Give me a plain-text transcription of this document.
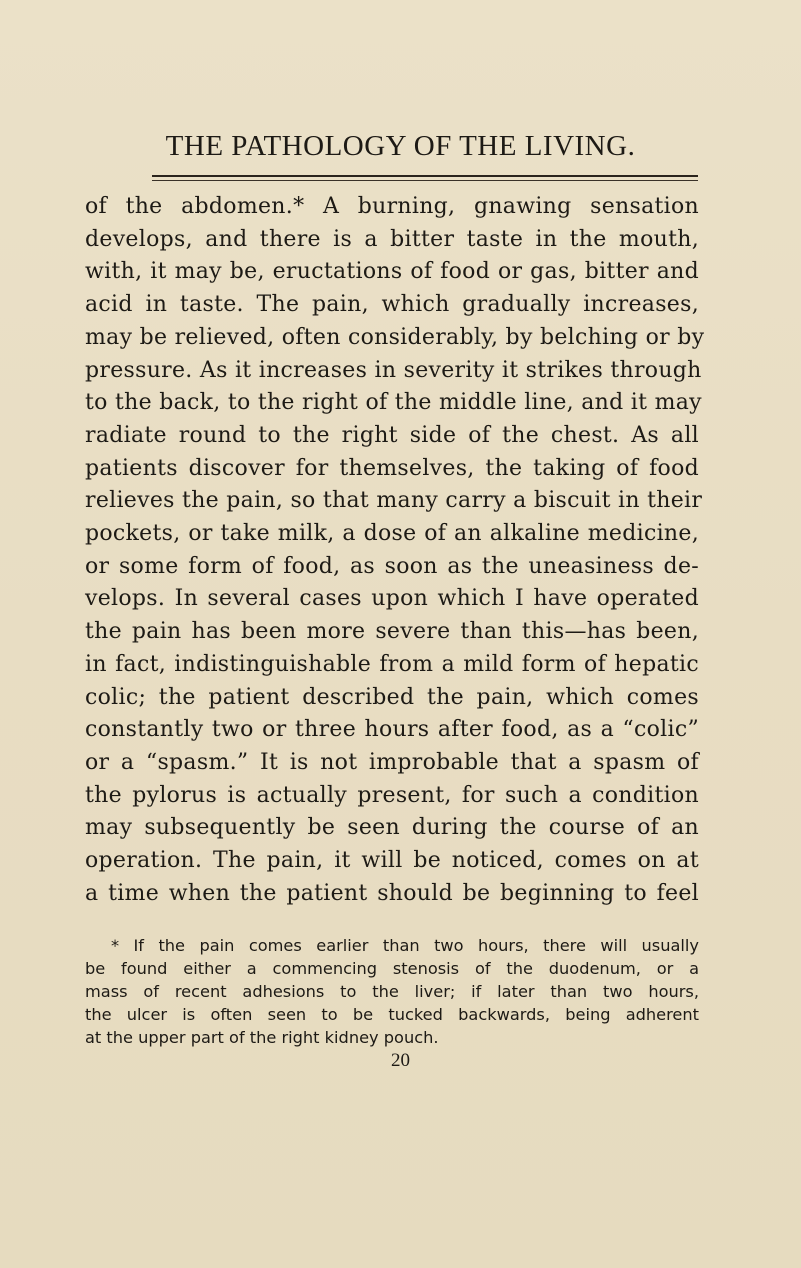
THE PATHOLOGY OF THE LIVING.
of the abdomen.* A burning, gnawing sensation
develops, and there is a bitter taste in the mouth,
with, it may be, eructations of food or gas, bitter and
acid in taste. The pain, which gradually increases,
may be relieved, often considerably, by belching or by
pressure. As it increases in severity it strikes through
to the back, to the right of the middle line, and it may
radiate round to the right side of the chest. As all
patients discover for themselves, the taking of food
relieves the pain, so that many carry a biscuit in their
pockets, or take milk, a dose of an alkaline medicine,
or some form of food, as soon as the uneasiness de-
velops. In several cases upon which I have operated
the pain has been more severe than this—has been,
in fact, indistinguishable from a mild form of hepatic
colic; the patient described the pain, which comes
constantly two or three hours after food, as a “colic”
or a “spasm.” It is not improbable that a spasm of
the pylorus is actually present, for such a condition
may subsequently be seen during the course of an
operation. The pain, it will be noticed, comes on at
a time when the patient should be beginning to feel
* If the pain comes earlier than two hours, there will usually
be found either a commencing stenosis of the duodenum, or a
mass of recent adhesions to the liver; if later than two hours,
the ulcer is often seen to be tucked backwards, being adherent
at the upper part of the right kidney pouch.
20
